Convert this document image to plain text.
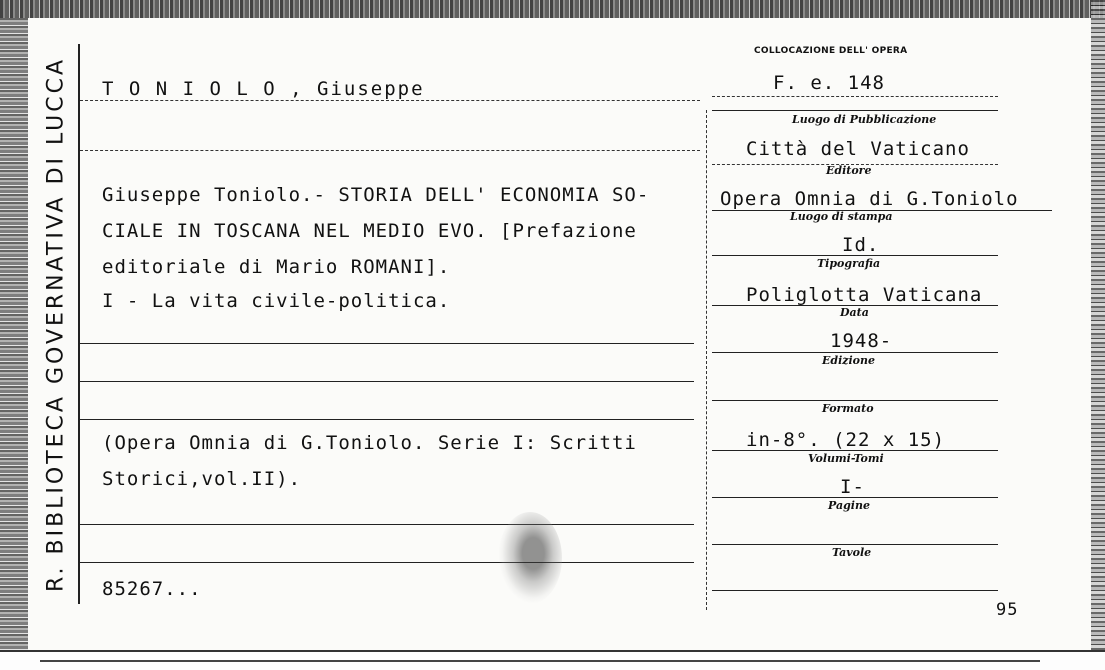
R. BIBLIOTECA GOVERNATIVA DI LUCCA
COLLOCAZIONE DELL' OPERA
F. e. 148
T O N I O L O , Giuseppe
Giuseppe Toniolo.- STORIA DELL' ECONOMIA SO-
CIALE IN TOSCANA NEL MEDIO EVO. [Prefazione
editoriale di Mario ROMANI].
I - La vita civile-politica.
(Opera Omnia di G.Toniolo. Serie I: Scritti
Storici,vol.II).
85267...
95
Luogo di Pubblicazione
Città del Vaticano
Editore
Opera Omnia di G.Toniolo
Luogo di stampa
Id.
Tipografia
Poliglotta Vaticana
Data
1948-
Edizione
Formato
in-8°. (22 x 15)
Volumi-Tomi
I-
Pagine
Tavole
